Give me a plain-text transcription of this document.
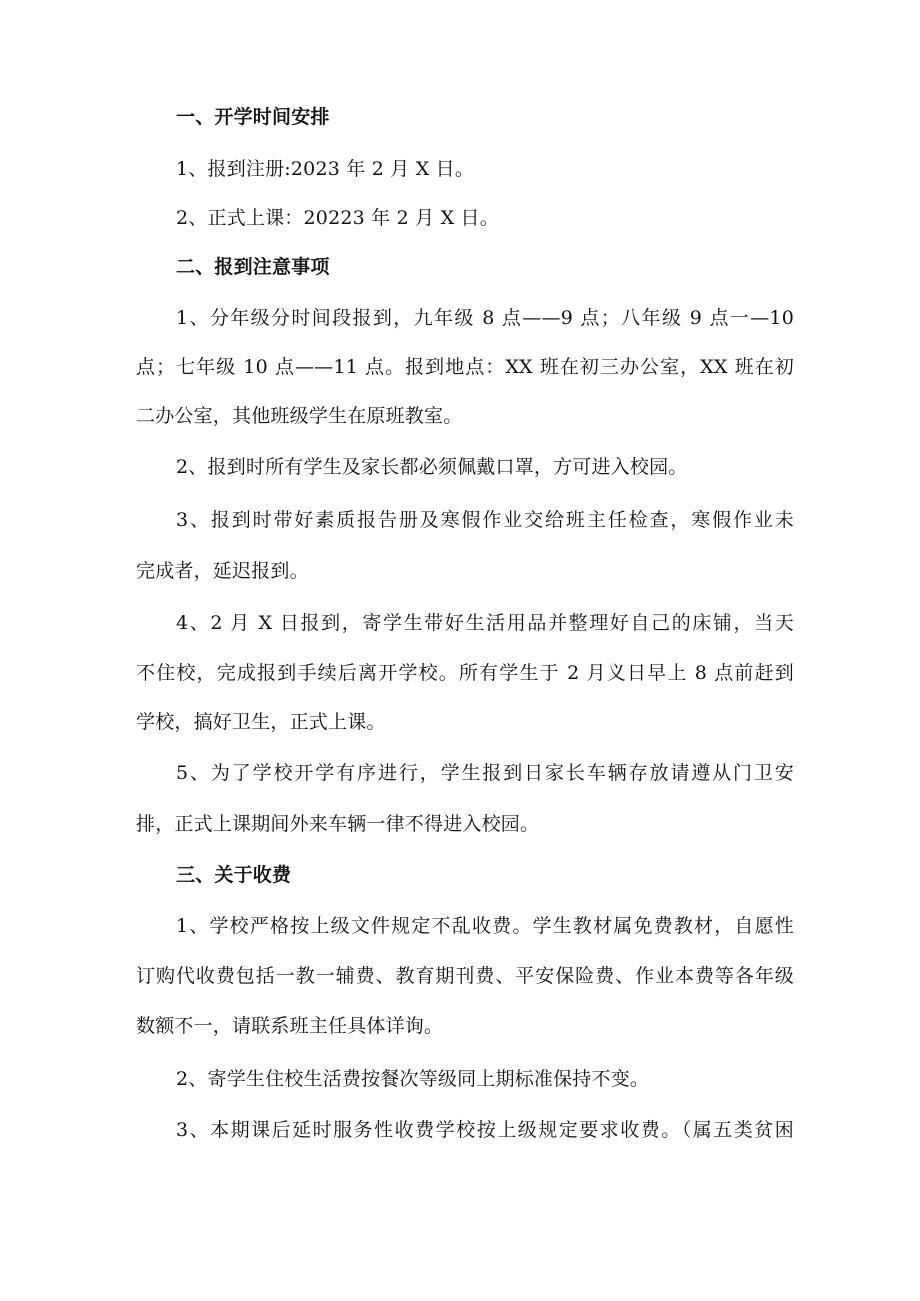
一、开学时间安排
1、报到注册:2023 年 2 月 X 日。
2、正式上课：20223 年 2 月 X 日。
二、报到注意事项
1、分年级分时间段报到，九年级 8 点——9 点；八年级 9 点一—10
点；七年级 10 点——11 点。报到地点：XX 班在初三办公室，XX 班在初
二办公室，其他班级学生在原班教室。
2、报到时所有学生及家长都必须佩戴口罩，方可进入校园。
3、报到时带好素质报告册及寒假作业交给班主任检查，寒假作业未
完成者，延迟报到。
4、2 月 X 日报到，寄学生带好生活用品并整理好自己的床铺，当天
不住校，完成报到手续后离开学校。所有学生于 2 月义日早上 8 点前赶到
学校，搞好卫生，正式上课。
5、为了学校开学有序进行，学生报到日家长车辆存放请遵从门卫安
排，正式上课期间外来车辆一律不得进入校园。
三、关于收费
1、学校严格按上级文件规定不乱收费。学生教材属免费教材，自愿性
订购代收费包括一教一辅费、教育期刊费、平安保险费、作业本费等各年级
数额不一，请联系班主任具体详询。
2、寄学生住校生活费按餐次等级同上期标准保持不变。
3、本期课后延时服务性收费学校按上级规定要求收费。（属五类贫困
